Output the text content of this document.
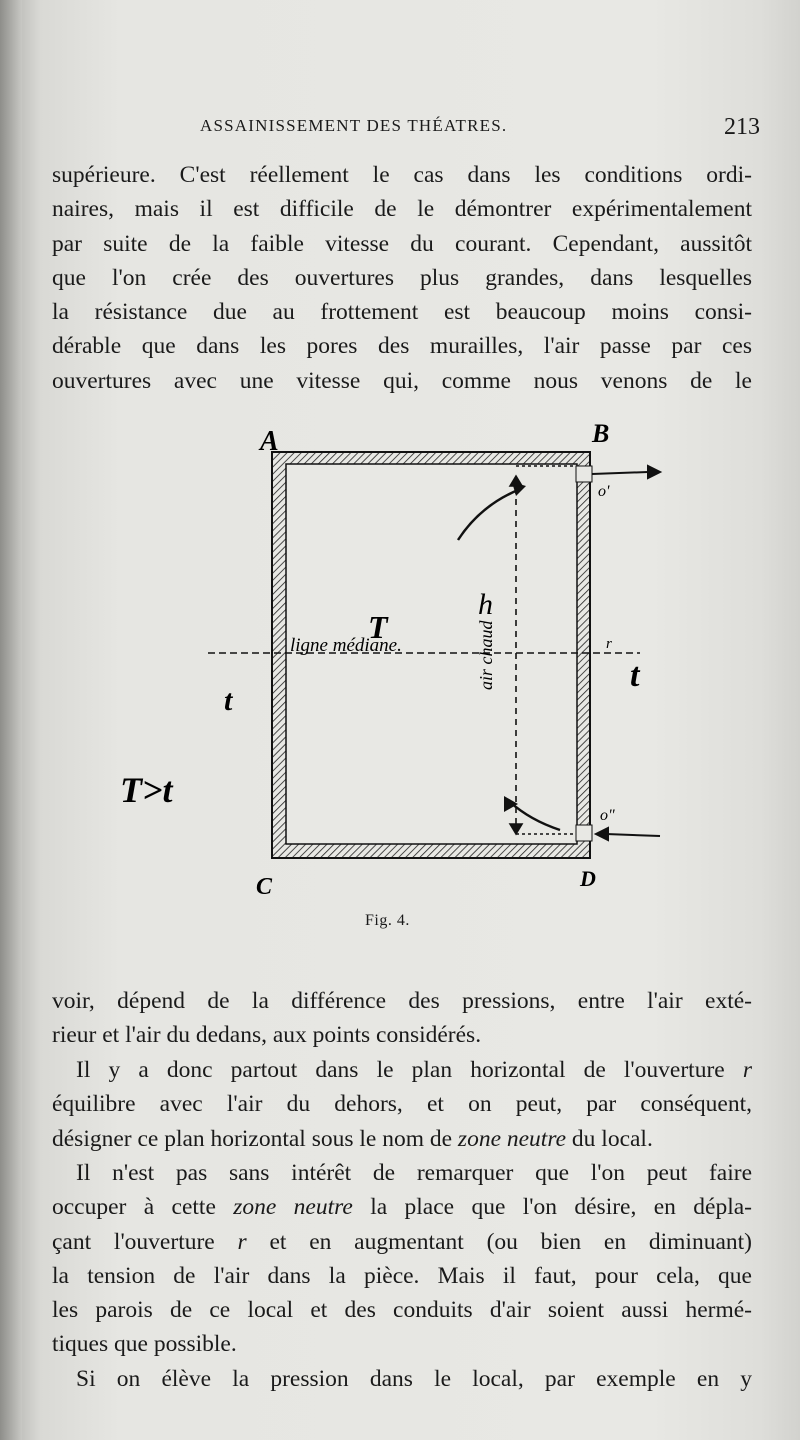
ASSAINISSEMENT DES THÉATRES.	213
supérieure. C'est réellement le cas dans les conditions ordi-
naires, mais il est difficile de le démontrer expérimentalement
par suite de la faible vitesse du courant. Cependant, aussitôt
que l'on crée des ouvertures plus grandes, dans lesquelles
la résistance due au frottement est beaucoup moins consi-
dérable que dans les pores des murailles, l'air passe par ces
ouvertures avec une vitesse qui, comme nous venons de le
A	B
C	D
o'
o"
T
ligne médiane.
h
air chaud	r
t
t
T>t
Fig. 4.
voir, dépend de la différence des pressions, entre l'air exté-
rieur et l'air du dedans, aux points considérés.
Il y a donc partout dans le plan horizontal de l'ouverture r
équilibre avec l'air du dehors, et on peut, par conséquent,
désigner ce plan horizontal sous le nom de zone neutre du local.
Il n'est pas sans intérêt de remarquer que l'on peut faire
occuper à cette zone neutre la place que l'on désire, en dépla-
çant l'ouverture r et en augmentant (ou bien en diminuant)
la tension de l'air dans la pièce. Mais il faut, pour cela, que
les parois de ce local et des conduits d'air soient aussi hermé-
tiques que possible.
Si on élève la pression dans le local, par exemple en y
